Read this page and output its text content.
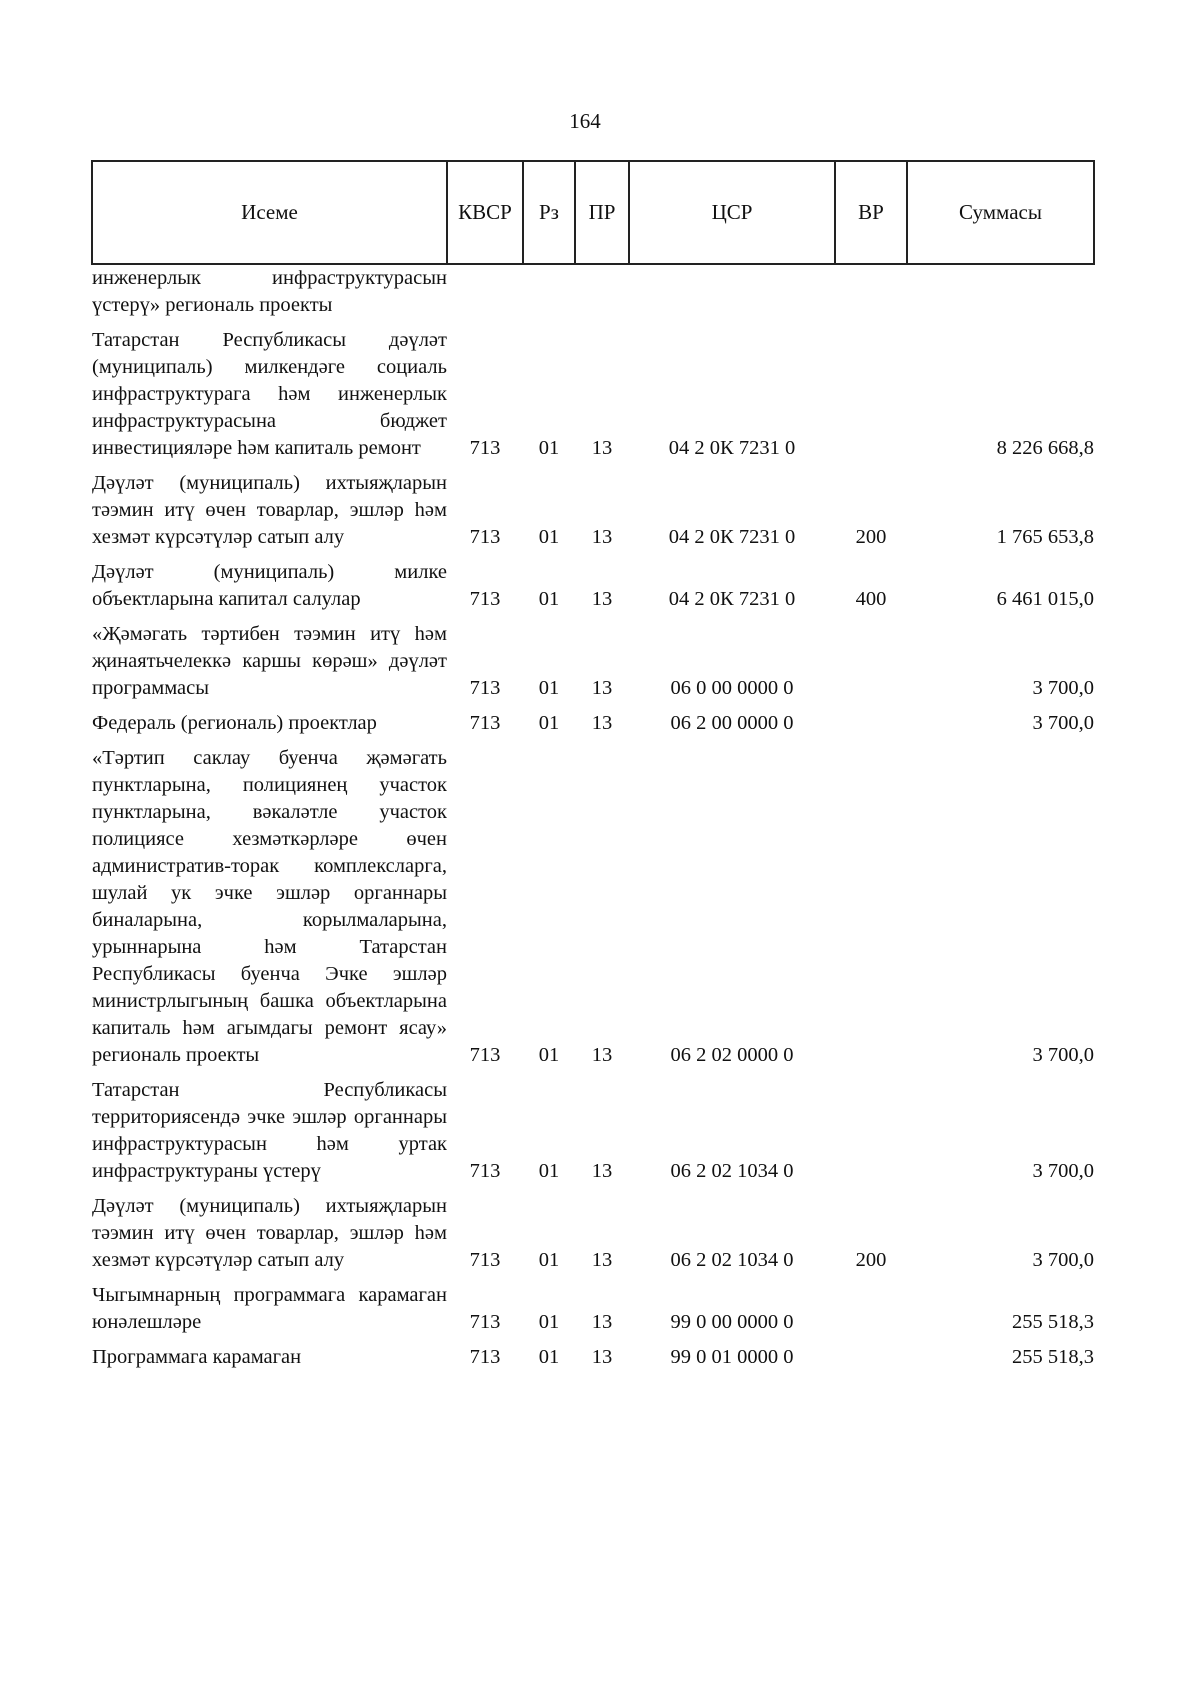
164
Исеме	КВСР	Рз	ПР	ЦСР	ВР	Суммасы
инженерлык инфраструктурасын үстерү» региональ проекты						

Татарстан Республикасы дәүләт (муниципаль) милкендәге социаль инфраструктурага һәм инженерлык инфраструктурасына бюджет инвестицияләре һәм капиталь ремонт	713	01	13	04 2 0К 7231 0		8 226 668,8

Дәүләт (муниципаль) ихтыяҗларын тәэмин итү өчен товарлар, эшләр һәм хезмәт күрсәтүләр сатып алу	713	01	13	04 2 0К 7231 0	200	1 765 653,8

Дәүләт (муниципаль) милке объектларына капитал салулар	713	01	13	04 2 0К 7231 0	400	6 461 015,0

«Җәмәгать тәртибен тәэмин итү һәм җинаятьчелеккә каршы көрәш» дәүләт программасы	713	01	13	06 0 00 0000 0		3 700,0

Федераль (региональ) проектлар	713	01	13	06 2 00 0000 0		3 700,0

«Тәртип саклау буенча җәмәгать пунктларына, полициянең участок пунктларына, вәкаләтле участок полициясе хезмәткәрләре өчен административ-торак комплексларга, шулай ук эчке эшләр органнары биналарына, корылмаларына, урыннарына һәм Татарстан Республикасы буенча Эчке эшләр министрлыгының башка объектларына капиталь һәм агымдагы ремонт ясау» региональ проекты	713	01	13	06 2 02 0000 0		3 700,0

Татарстан Республикасы территориясендә эчке эшләр органнары инфраструктурасын һәм уртак инфраструктураны үстерү	713	01	13	06 2 02 1034 0		3 700,0

Дәүләт (муниципаль) ихтыяҗларын тәэмин итү өчен товарлар, эшләр һәм хезмәт күрсәтүләр сатып алу	713	01	13	06 2 02 1034 0	200	3 700,0

Чыгымнарның программага карамаган юнәлешләре	713	01	13	99 0 00 0000 0		255 518,3

Программага карамаган	713	01	13	99 0 01 0000 0		255 518,3
